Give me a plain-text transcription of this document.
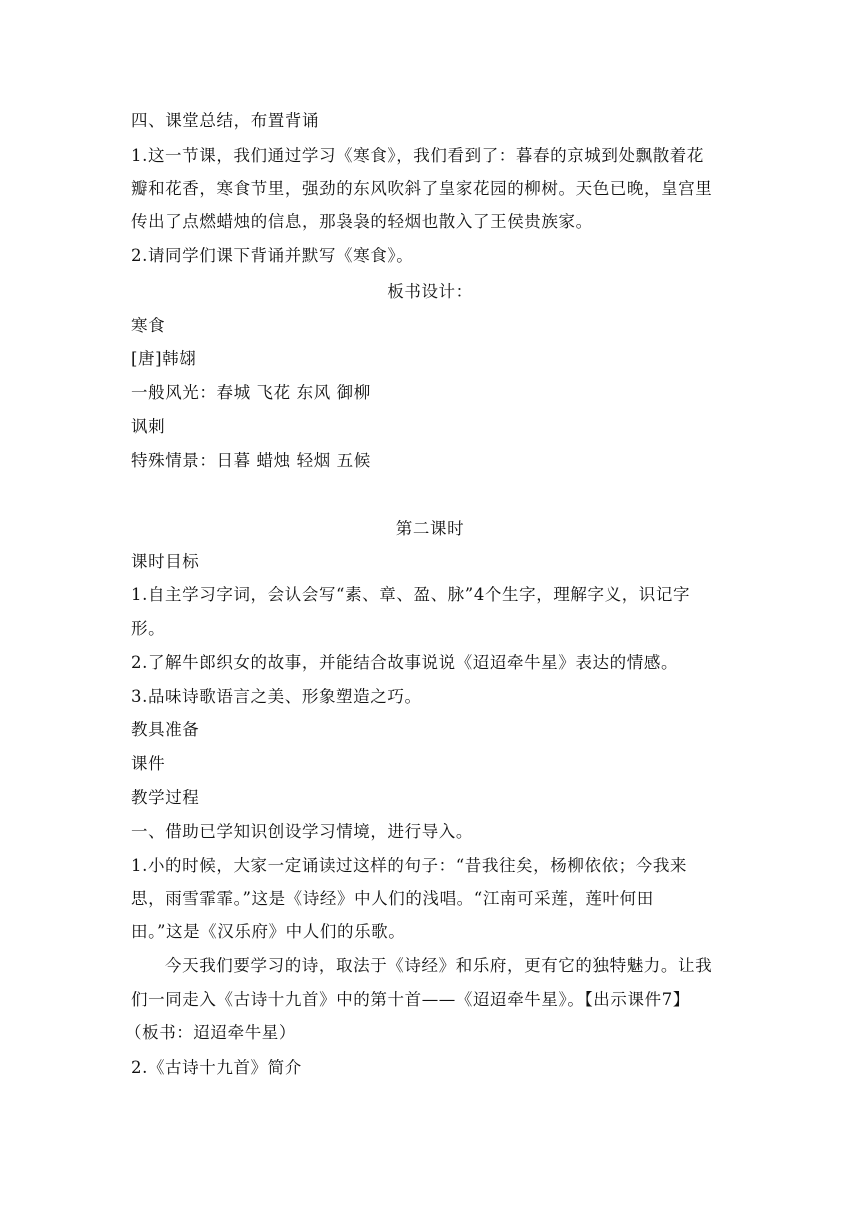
四、课堂总结，布置背诵
1.这一节课，我们通过学习《寒食》，我们看到了：暮春的京城到处飘散着花
瓣和花香，寒食节里，强劲的东风吹斜了皇家花园的柳树。天色已晚，皇宫里
传出了点燃蜡烛的信息，那袅袅的轻烟也散入了王侯贵族家。
2.请同学们课下背诵并默写《寒食》。
板书设计：
寒食
[唐]韩翃
一般风光：春城 飞花 东风 御柳
讽刺
特殊情景：日暮 蜡烛 轻烟 五候
第二课时
课时目标
1.自主学习字词，会认会写“素、章、盈、脉”4个生字，理解字义，识记字
形。
2.了解牛郎织女的故事，并能结合故事说说《迢迢牵牛星》表达的情感。
3.品味诗歌语言之美、形象塑造之巧。
教具准备
课件
教学过程
一、借助已学知识创设学习情境，进行导入。
1.小的时候，大家一定诵读过这样的句子：“昔我往矣，杨柳依依；今我来
思，雨雪霏霏。”这是《诗经》中人们的浅唱。“江南可采莲，莲叶何田
田。”这是《汉乐府》中人们的乐歌。
今天我们要学习的诗，取法于《诗经》和乐府，更有它的独特魅力。让我
们一同走入《古诗十九首》中的第十首——《迢迢牵牛星》。【出示课件7】
（板书：迢迢牵牛星）
2.《古诗十九首》简介
